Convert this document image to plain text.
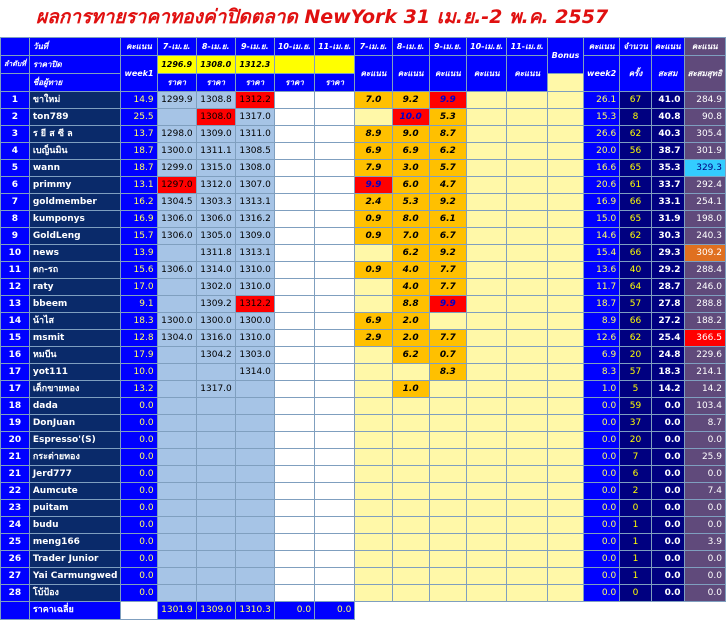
ผลการทายราคาทองค่าปิดตลาด NewYork 31 เม.ย.-2 พ.ค. 2557
	วันที่	คะแนน	7-เม.ย.	8-เม.ย.	9-เม.ย.	10-เม.ย.	11-เม.ย.	7-เม.ย.	8-เม.ย.	9-เม.ย.	10-เม.ย.	11-เม.ย.	Bonus	คะแนน	จำนวน	คะแนน	คะแนน
ลำดับที่	ราคาปิด	week1	1296.9	1308.0	1312.3			คะแนน	คะแนน	คะแนน	คะแนน	คะแนน		week2	ครั้ง	สะสม	สะสมสุทธิ
	ชื่อผู้ทาย		ราคา	ราคา	ราคา	ราคา	ราคา										
1	ขาใหม่	14.9	1299.9	1308.8	1312.2			7.0	9.2	9.9				26.1	67	41.0	284.9
2	ton789	25.5		1308.0	1317.0				10.0	5.3				15.3	8	40.8	90.8
3	ร ยี ส ซี ล	13.7	1298.0	1309.0	1311.0			8.9	9.0	8.7				26.6	62	40.3	305.4
4	เบญ็นมิน	18.7	1300.0	1311.1	1308.5			6.9	6.9	6.2				20.0	56	38.7	301.9
5	wann	18.7	1299.0	1315.0	1308.0			7.9	3.0	5.7				16.6	65	35.3	329.3
6	primmy	13.1	1297.0	1312.0	1307.0			9.9	6.0	4.7				20.6	61	33.7	292.4
7	goldmember	16.2	1304.5	1303.3	1313.1			2.4	5.3	9.2				16.9	66	33.1	254.1
8	kumponys	16.9	1306.0	1306.0	1316.2			0.9	8.0	6.1				15.0	65	31.9	198.0
9	GoldLeng	15.7	1306.0	1305.0	1309.0			0.9	7.0	6.7				14.6	62	30.3	240.3
10	news	13.9		1311.8	1313.1				6.2	9.2				15.4	66	29.3	309.2
11	ตก-รถ	15.6	1306.0	1314.0	1310.0			0.9	4.0	7.7				13.6	40	29.2	288.4
12	raty	17.0		1302.0	1310.0				4.0	7.7				11.7	64	28.7	246.0
13	bbeem	9.1		1309.2	1312.2				8.8	9.9				18.7	57	27.8	288.8
14	น้าไส	18.3	1300.0	1300.0	1300.0			6.9	2.0					8.9	66	27.2	188.2
15	msmit	12.8	1304.0	1316.0	1310.0			2.9	2.0	7.7				12.6	62	25.4	366.5
16	หมบีน	17.9		1304.2	1303.0				6.2	0.7				6.9	20	24.8	229.6
17	yot111	10.0			1314.0					8.3				8.3	57	18.3	214.1
17	เด็กขายทอง	13.2		1317.0					1.0					1.0	5	14.2	14.2
18	dada	0.0												0.0	59	0.0	103.4
19	DonJuan	0.0												0.0	37	0.0	8.7
20	Espresso'(S)	0.0												0.0	20	0.0	0.0
21	กระต่ายทอง	0.0												0.0	7	0.0	25.9
21	Jerd777	0.0												0.0	6	0.0	0.0
22	Aumcute	0.0												0.0	2	0.0	7.4
23	puitam	0.0												0.0	0	0.0	0.0
24	budu	0.0												0.0	1	0.0	0.0
25	meng166	0.0												0.0	1	0.0	3.9
26	Trader Junior	0.0												0.0	1	0.0	0.0
27	Yai Carmungwed	0.0												0.0	1	0.0	0.0
28	โบ้ป้อง	0.0												0.0	0	0.0	0.0
	ราคาเฉลี่ย		1301.9	1309.0	1310.3	0.0	0.0										
